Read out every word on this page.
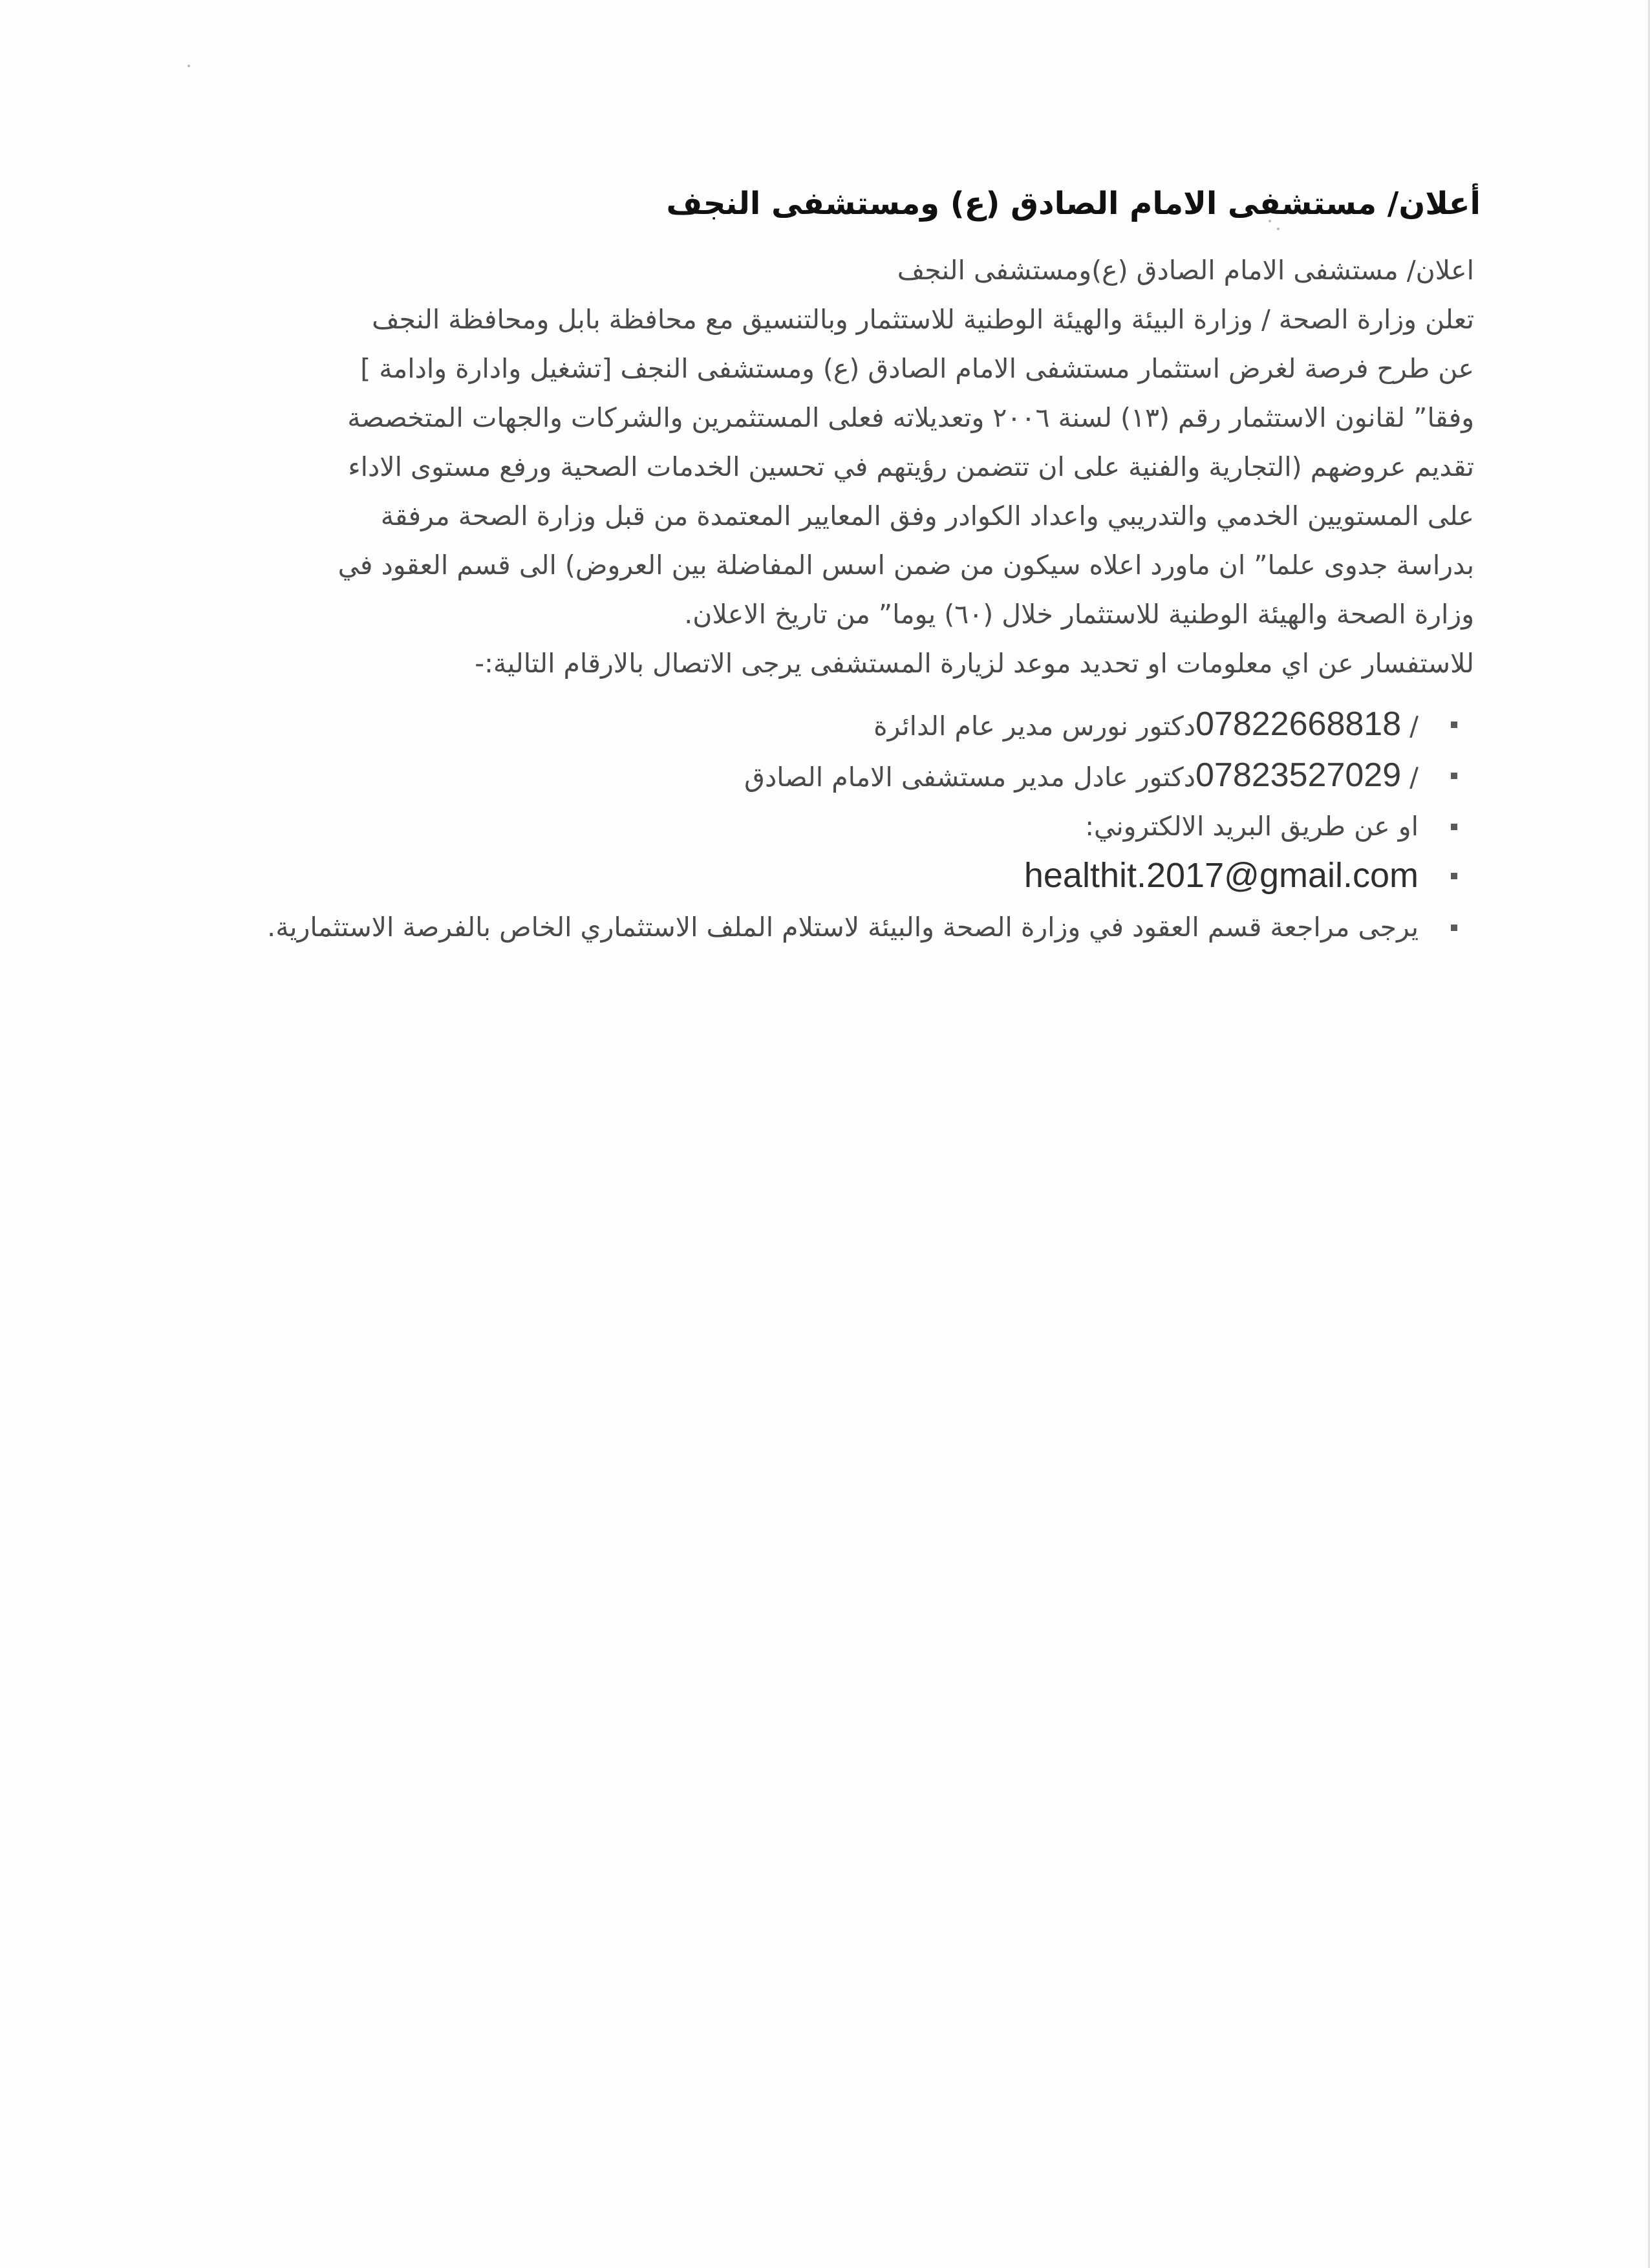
أعلان/ مستشفى الامام الصادق (ع) ومستشفى النجف
اعلان/ مستشفى الامام الصادق (ع)ومستشفى النجف
تعلن وزارة الصحة / وزارة البيئة والهيئة الوطنية للاستثمار وبالتنسيق مع محافظة بابل ومحافظة النجف
عن طرح فرصة لغرض استثمار مستشفى الامام الصادق (ع) ومستشفى النجف [تشغيل وادارة وادامة ]
وفقا” لقانون الاستثمار رقم (١٣) لسنة ٢٠٠٦ وتعديلاته فعلى المستثمرين والشركات والجهات المتخصصة
تقديم عروضهم (التجارية والفنية على ان تتضمن رؤيتهم في تحسين الخدمات الصحية ورفع مستوى الاداء
على المستويين الخدمي والتدريبي واعداد الكوادر وفق المعايير المعتمدة من قبل وزارة الصحة مرفقة
بدراسة جدوى علما” ان ماورد اعلاه سيكون من ضمن اسس المفاضلة بين العروض) الى قسم العقود في
وزارة الصحة والهيئة الوطنية للاستثمار خلال (٦٠) يوما” من تاريخ الاعلان.
للاستفسار عن اي معلومات او تحديد موعد لزيارة المستشفى يرجى الاتصال بالارقام التالية:-
/ 07822668818دكتور نورس مدير عام الدائرة
/ 07823527029دكتور عادل مدير مستشفى الامام الصادق
او عن طريق البريد الالكتروني:
healthit.2017@gmail.com
يرجى مراجعة قسم العقود في وزارة الصحة والبيئة لاستلام الملف الاستثماري الخاص بالفرصة الاستثمارية.
